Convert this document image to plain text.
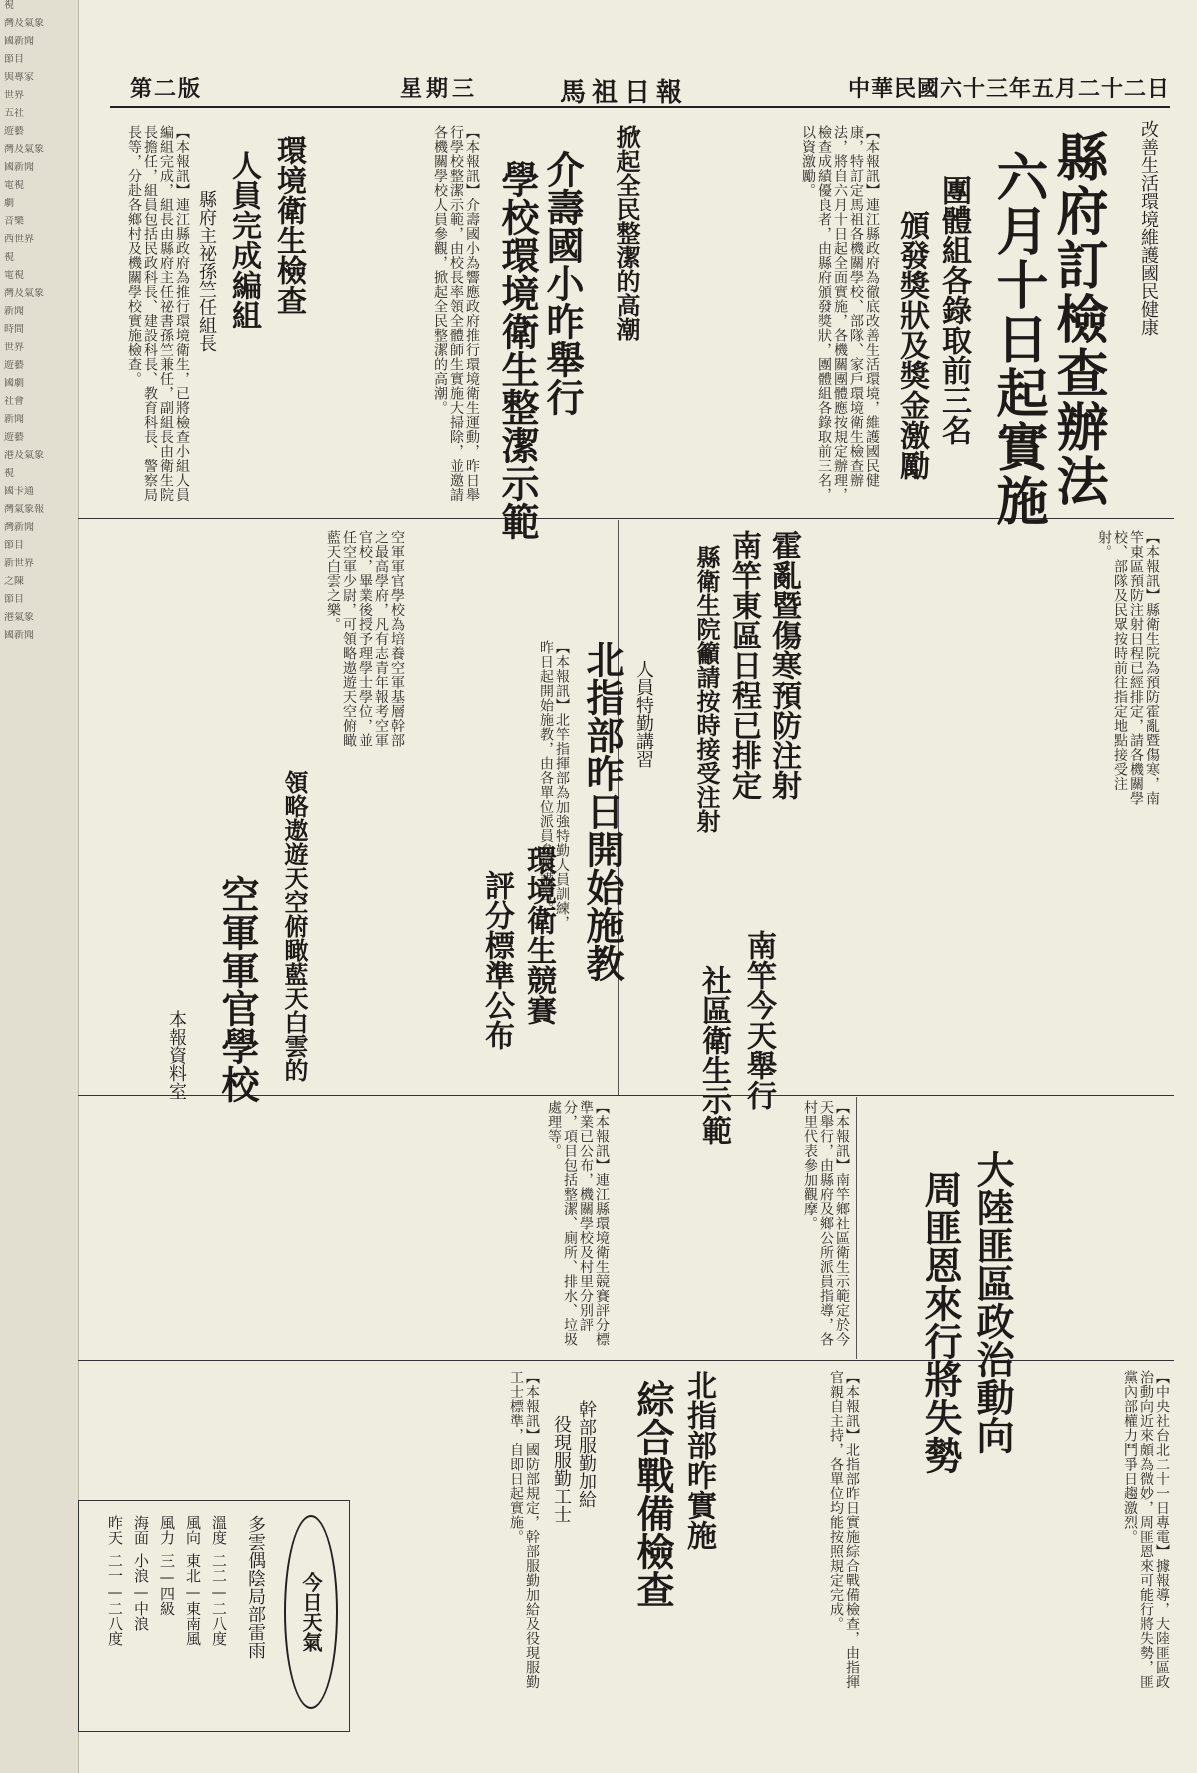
視
灣及氣象
國新聞
節目
與專家
世界
五社
遊藝
灣及氣象
國新聞
電視
劇
音樂
西世界
視
電視
灣及氣象
新聞
時間
世界
遊藝
國劇
社會
新聞
遊藝
港及氣象
視
國卡通
灣氣象報
灣新聞
節目
新世界
之陳
節目
港氣象
國新聞
第二版	星期三	馬祖日報	中華民國六十三年五月二十二日
改善生活環境維護國民健康
縣府訂檢查辦法
六月十日起實施
團體組各錄取前三名
頒發獎狀及獎金激勵
【本報訊】連江縣政府為徹底改善生活環境，維護國民健康，特訂定馬祖各機關學校、部隊、家戶環境衛生檢查辦法，將自六月十日起全面實施，各機關團體應按規定辦理，檢查成績優良者，由縣府頒發獎狀，團體組各錄取前三名，以資激勵。
介壽國小昨舉行
學校環境衛生整潔示範	掀起全民整潔的高潮
【本報訊】介壽國小為響應政府推行環境衛生運動，昨日舉行學校整潔示範，由校長率領全體師生實施大掃除，並邀請各機關學校人員參觀，掀起全民整潔的高潮。
環境衛生檢查
人員完成編組
縣府主祕孫竺任組長
【本報訊】連江縣政府為推行環境衛生，已將檢查小組人員編組完成，組長由縣府主任祕書孫竺兼任，副組長由衛生院長擔任，組員包括民政科長、建設科長、教育科長、警察局長等，分赴各鄉村及機關學校實施檢查。
霍亂暨傷寒預防注射
南竿東區日程已排定
縣衛生院籲請按時接受注射	【本報訊】縣衛生院為預防霍亂暨傷寒，南竿東區預防注射日程已經排定，請各機關學校、部隊及民眾按時前往指定地點接受注射。
北指部昨日開始施教 人員特勤講習
【本報訊】北竿指揮部為加強特勤人員訓練，昨日起開始施教，由各單位派員參加講習。
環境衛生競賽
評分標準公布
【本報訊】連江縣環境衛生競賽評分標準業已公布，機關學校及村里分別評分，項目包括整潔、廁所、排水、垃圾處理等。
南竿今天舉行
社區衛生示範
【本報訊】南竿鄉社區衛生示範定於今天舉行，由縣府及鄉公所派員指導，各村里代表參加觀摩。
領略遨遊天空俯瞰藍天白雲的
空軍軍官學校
本報資料室
空軍軍官學校為培養空軍基層幹部之最高學府，凡有志青年報考空軍官校，畢業後授予理學士學位，並任空軍少尉，可領略遨遊天空俯瞰藍天白雲之樂。
大陸匪區政治動向
周匪恩來行將失勢
【中央社台北二十一日專電】據報導，大陸匪區政治動向近來頗為微妙，周匪恩來可能行將失勢，匪黨內部權力鬥爭日趨激烈。
北指部昨實施
綜合戰備檢查	【本報訊】北指部昨日實施綜合戰備檢查，由指揮官親自主持，各單位均能按照規定完成。
幹部服勤加給
役現服勤工士
【本報訊】國防部規定，幹部服勤加給及役現服勤工士標準，自即日起實施。
今日天氣
多雲偶陰局部雷雨
溫度二二—二八度
風向東北—東南風
風力三—四級
海面小浪—中浪
昨天二一—二八度
